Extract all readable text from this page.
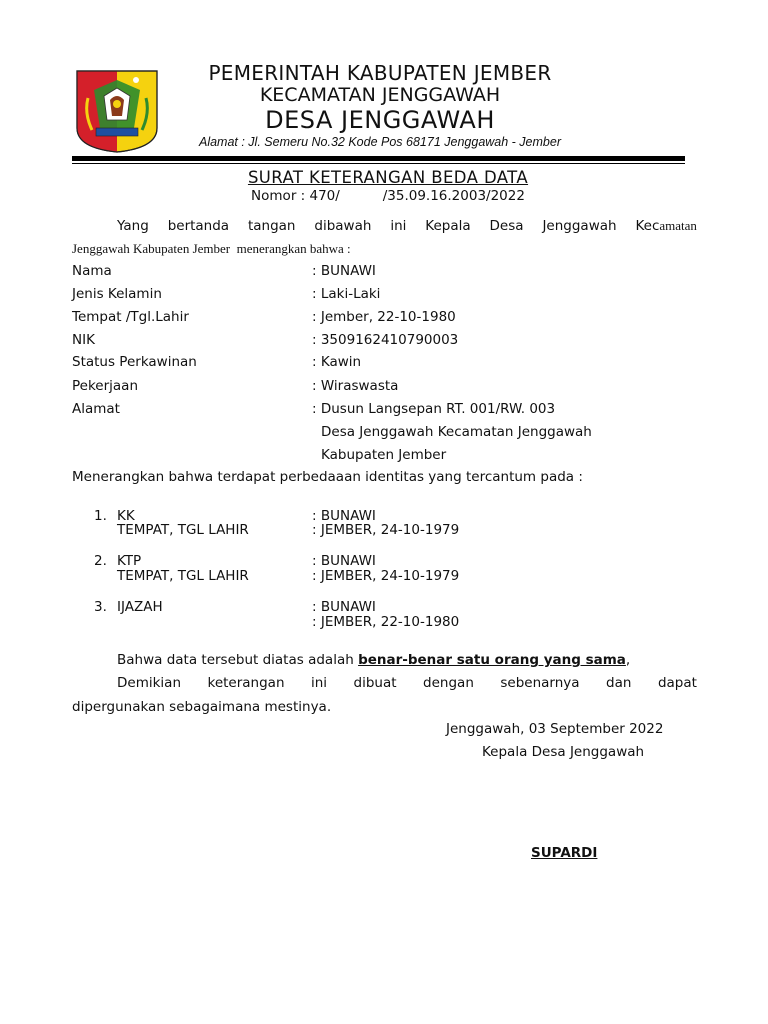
PEMERINTAH KABUPATEN JEMBER
KECAMATAN JENGGAWAH
DESA JENGGAWAH
Alamat : Jl. Semeru No.32 Kode Pos 68171 Jenggawah - Jember
SURAT KETERANGAN BEDA DATA
Nomor : 470/          /35.09.16.2003/2022
Yang bertanda tangan dibawah ini Kepala Desa Jenggawah Kecamatan
Jenggawah Kabupaten Jember  menerangkan bahwa :
Nama	: BUNAWI
Jenis Kelamin	: Laki-Laki
Tempat /Tgl.Lahir	: Jember, 22-10-1980
NIK	: 3509162410790003
Status Perkawinan	: Kawin
Pekerjaan	: Wiraswasta
Alamat	: Dusun Langsepan RT. 001/RW. 003
Desa Jenggawah Kecamatan Jenggawah
Kabupaten Jember
Menerangkan bahwa terdapat perbedaaan identitas yang tercantum pada :
1. KK	: BUNAWI
TEMPAT, TGL LAHIR	: JEMBER, 24-10-1979
2. KTP	: BUNAWI
TEMPAT, TGL LAHIR	: JEMBER, 24-10-1979
3. IJAZAH	: BUNAWI
: JEMBER, 22-10-1980
Bahwa data tersebut diatas adalah benar-benar satu orang yang sama,
Demikian keterangan ini dibuat dengan sebenarnya dan dapat
dipergunakan sebagaimana mestinya.
Jenggawah, 03 September 2022
Kepala Desa Jenggawah
SUPARDI
